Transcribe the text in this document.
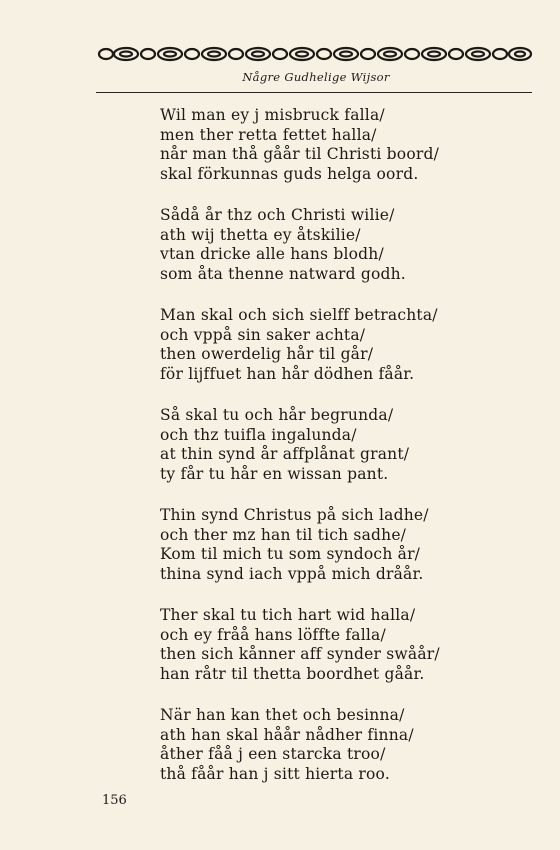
Någre Gudhelige Wijsor
Wil man ey j misbruck falla/
men ther retta fettet halla/
når man thå gåår til Christi boord/
skal förkunnas guds helga oord.
Sådå år thz och Christi wilie/
ath wij thetta ey åtskilie/
vtan dricke alle hans blodh/
som åta thenne natward godh.
Man skal och sich sielff betrachta/
och vppå sin saker achta/
then owerdelig hår til går/
för lijffuet han hår dödhen fåår.
Så skal tu och hår begrunda/
och thz tuifla ingalunda/
at thin synd år affplånat grant/
ty får tu hår en wissan pant.
Thin synd Christus på sich ladhe/
och ther mz han til tich sadhe/
Kom til mich tu som syndoch år/
thina synd iach vppå mich dråår.
Ther skal tu tich hart wid halla/
och ey fråå hans löffte falla/
then sich kånner aff synder swåår/
han råtr til thetta boordhet gåår.
När han kan thet och besinna/
ath han skal håår nådher finna/
åther fåå j een starcka troo/
thå fåår han j sitt hierta roo.
156
